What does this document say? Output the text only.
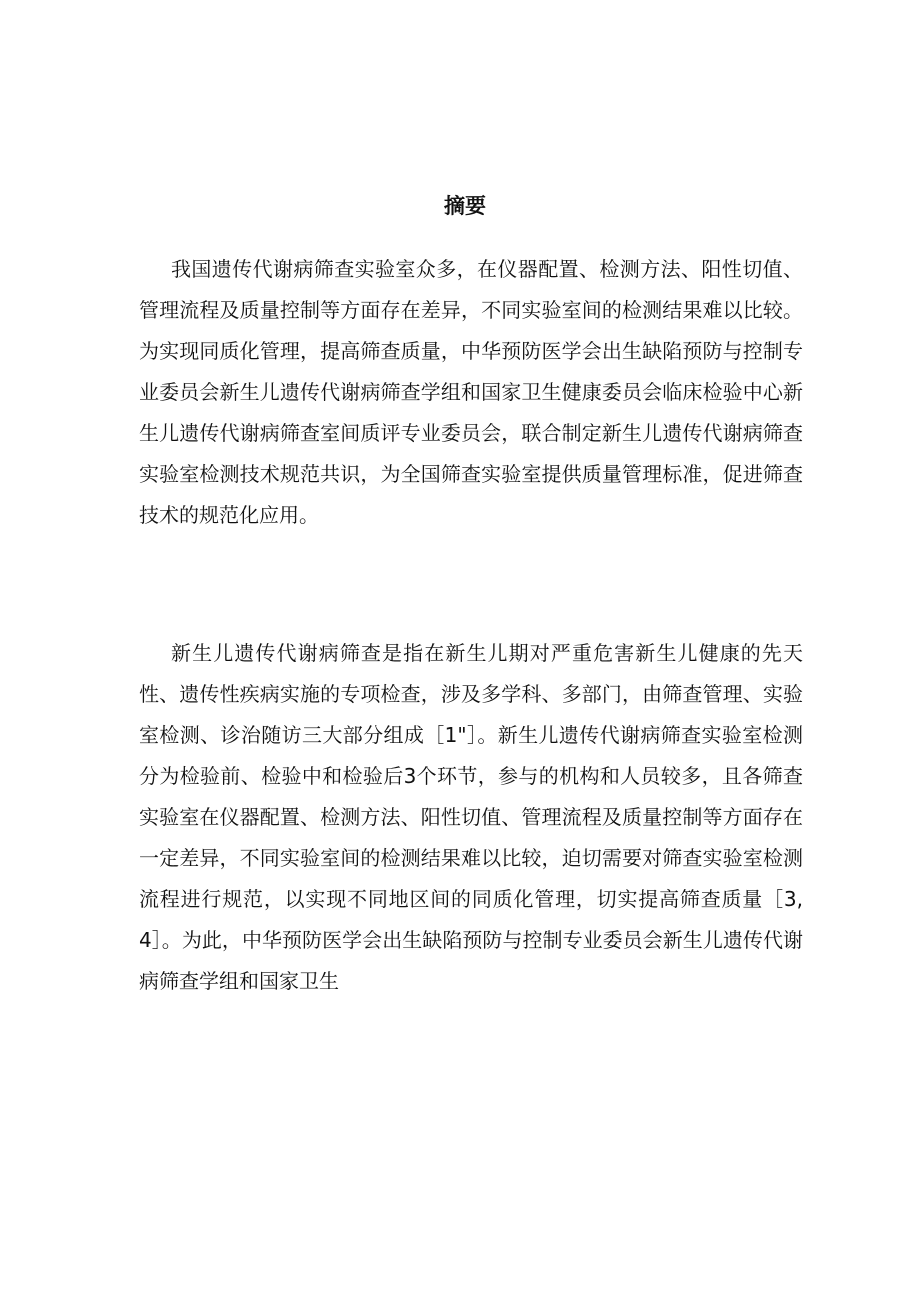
摘要

我国遗传代谢病筛查实验室众多，在仪器配置、检测方法、阳性切值、管理流程及质量控制等方面存在差异，不同实验室间的检测结果难以比较。为实现同质化管理，提高筛查质量，中华预防医学会出生缺陷预防与控制专业委员会新生儿遗传代谢病筛查学组和国家卫生健康委员会临床检验中心新生儿遗传代谢病筛查室间质评专业委员会，联合制定新生儿遗传代谢病筛查实验室检测技术规范共识，为全国筛查实验室提供质量管理标准，促进筛查技术的规范化应用。

新生儿遗传代谢病筛查是指在新生儿期对严重危害新生儿健康的先天性、遗传性疾病实施的专项检查，涉及多学科、多部门，由筛查管理、实验室检测、诊治随访三大部分组成［1"］。新生儿遗传代谢病筛查实验室检测分为检验前、检验中和检验后3个环节，参与的机构和人员较多，且各筛查实验室在仪器配置、检测方法、阳性切值、管理流程及质量控制等方面存在一定差异，不同实验室间的检测结果难以比较，迫切需要对筛查实验室检测流程进行规范，以实现不同地区间的同质化管理，切实提高筛查质量［3,4］。为此，中华预防医学会出生缺陷预防与控制专业委员会新生儿遗传代谢病筛查学组和国家卫生
